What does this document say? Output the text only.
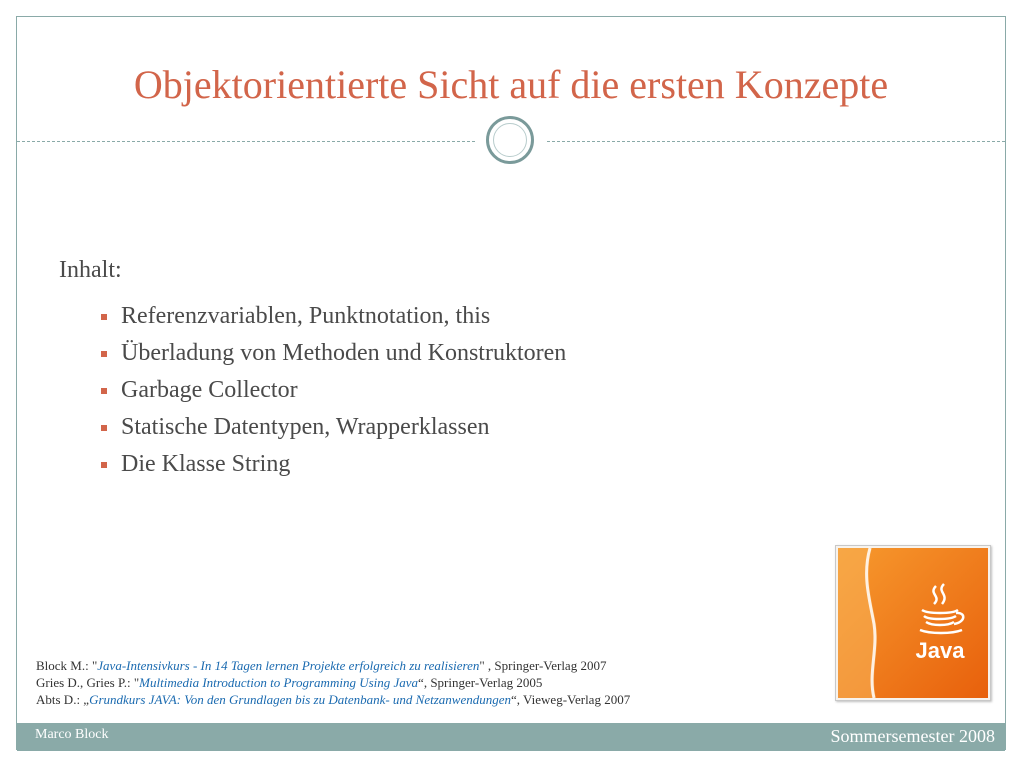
Objektorientierte Sicht auf die ersten Konzepte
Inhalt:
Referenzvariablen, Punktnotation, this
Überladung von Methoden und Konstruktoren
Garbage Collector
Statische Datentypen, Wrapperklassen
Die Klasse String
Java
Block M.: "Java-Intensivkurs - In 14 Tagen lernen Projekte erfolgreich zu realisieren" , Springer-Verlag 2007
Gries D., Gries P.: "Multimedia Introduction to Programming Using Java“, Springer-Verlag 2005
Abts D.: „Grundkurs JAVA: Von den Grundlagen bis zu Datenbank- und Netzanwendungen“, Vieweg-Verlag 2007
Marco Block	Sommersemester 2008
